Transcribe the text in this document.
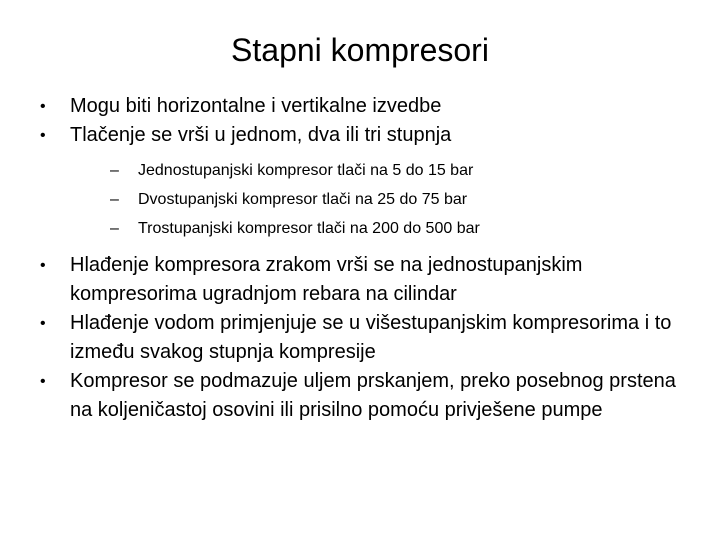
Stapni kompresori
• Mogu biti horizontalne i vertikalne izvedbe
• Tlačenje se vrši u jednom, dva ili tri stupnja
– Jednostupanjski kompresor tlači na 5 do 15 bar
– Dvostupanjski kompresor tlači na 25 do 75 bar
– Trostupanjski kompresor tlači na 200 do 500 bar
• Hlađenje kompresora zrakom vrši se na jednostupanjskim kompresorima ugradnjom rebara na cilindar
• Hlađenje vodom primjenjuje se u višestupanjskim kompresorima i to između svakog stupnja kompresije
• Kompresor se podmazuje uljem prskanjem, preko posebnog prstena na koljeničastoj osovini ili prisilno pomoću privješene pumpe
